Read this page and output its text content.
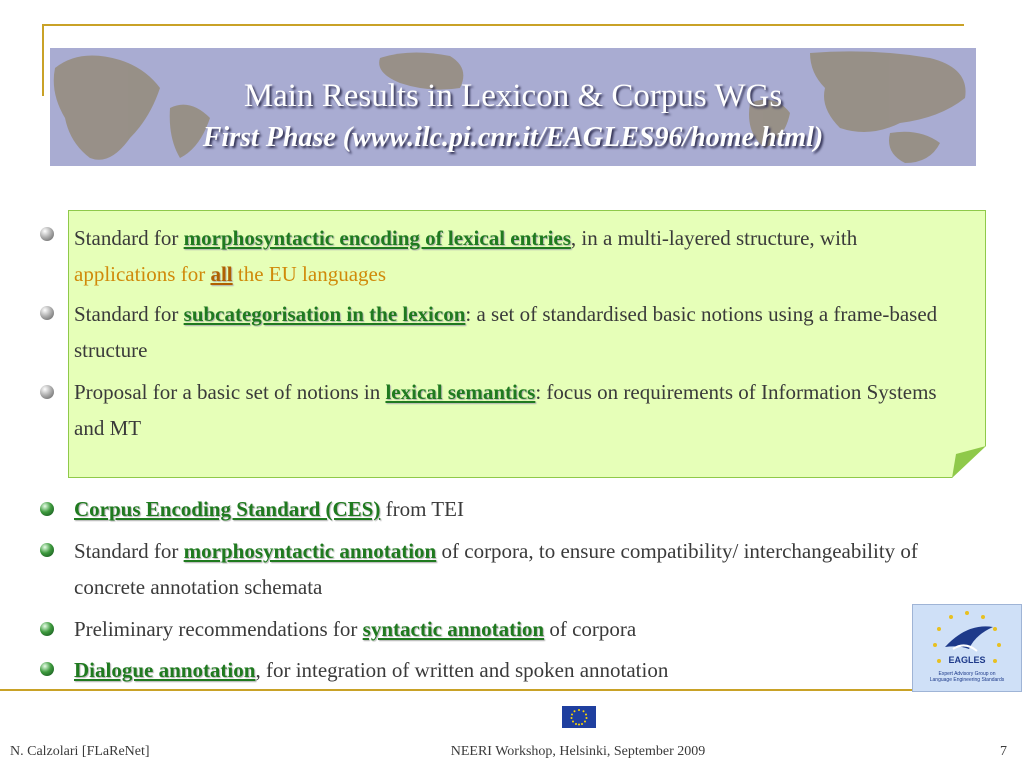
Main Results in Lexicon & Corpus WGs
First Phase (www.ilc.pi.cnr.it/EAGLES96/home.html)
Standard for morphosyntactic encoding of lexical entries, in a multi-layered structure, with applications for all the EU languages
Standard for subcategorisation in the lexicon: a set of standardised basic notions using a frame-based structure
Proposal for a basic set of notions in lexical semantics: focus on requirements of Information Systems and MT
Corpus Encoding Standard (CES) from TEI
Standard for morphosyntactic annotation of corpora, to ensure compatibility/ interchangeability of concrete annotation schemata
Preliminary recommendations for syntactic annotation of corpora
Dialogue annotation, for integration of written and spoken annotation	EAGLES
Expert Advisory Group on
Language Engineering Standards
N. Calzolari [FLaReNet]	NEERI Workshop, Helsinki, September 2009	7
